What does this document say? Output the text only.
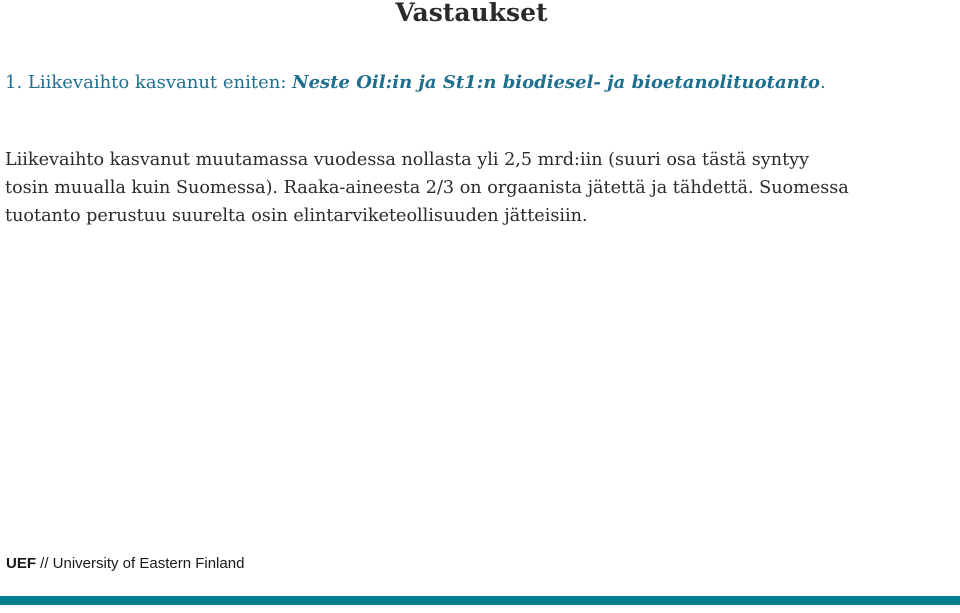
Vastaukset
1. Liikevaihto kasvanut eniten: Neste Oil:in ja St1:n biodiesel- ja bioetanolituotanto.
Liikevaihto kasvanut muutamassa vuodessa nollasta yli 2,5 mrd:iin (suuri osa tästä syntyy
tosin muualla kuin Suomessa). Raaka-aineesta 2/3 on orgaanista jätettä ja tähdettä. Suomessa
tuotanto perustuu suurelta osin elintarviketeollisuuden jätteisiin.
UEF // University of Eastern Finland
